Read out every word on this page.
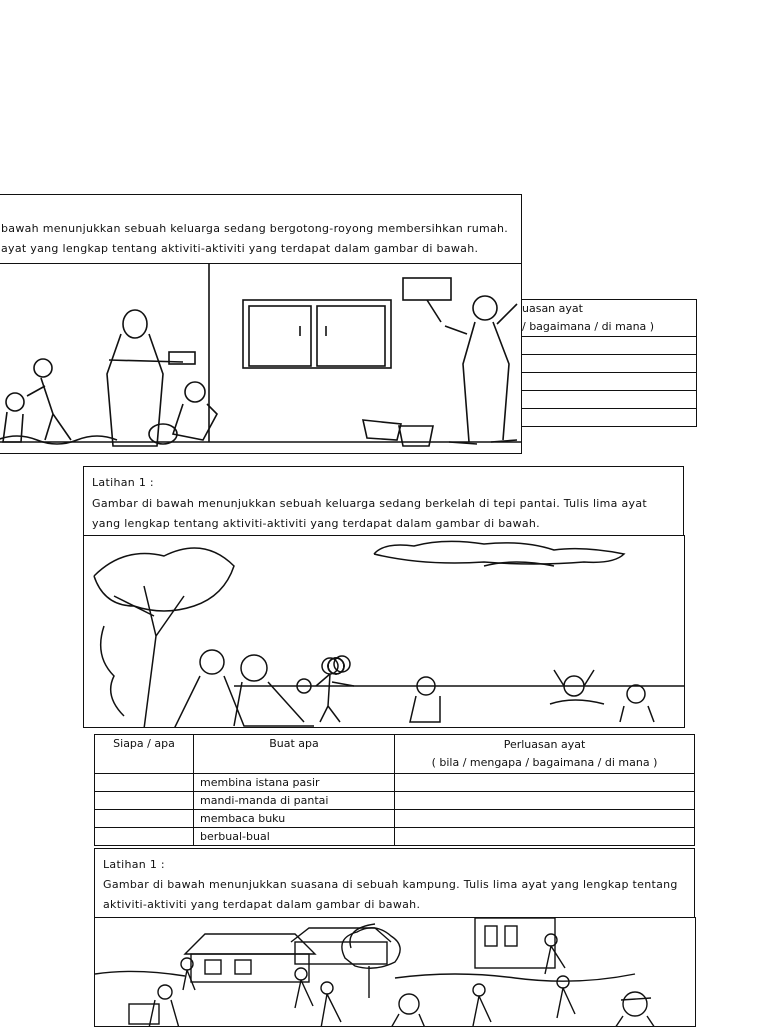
bawah menunjukkan sebuah keluarga sedang bergotong-royong membersihkan rumah.
ayat yang lengkap tentang aktiviti-aktiviti yang terdapat dalam gambar di bawah.
uasan ayat
/ bagaimana / di mana )

Latihan 1 :
Gambar di bawah menunjukkan sebuah keluarga sedang berkelah di tepi pantai. Tulis lima ayat
yang lengkap tentang aktiviti-aktiviti yang terdapat dalam gambar di bawah.
Siapa / apa	Buat apa	Perluasan ayat
( bila / mengapa / bagaimana / di mana )

	membina istana pasir	
	mandi-manda di pantai	
	membaca buku	
	berbual-bual	
Latihan 1 :
Gambar di bawah menunjukkan suasana di sebuah kampung. Tulis lima ayat yang lengkap tentang
aktiviti-aktiviti yang terdapat dalam gambar di bawah.
